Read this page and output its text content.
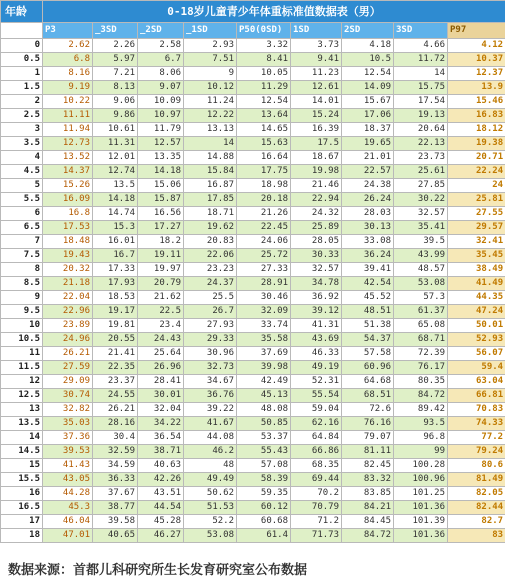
年龄	0-18岁儿童青少年体重标准值数据表（男）								
	P3	_3SD	_2SD	_1SD	P50(0SD)	1SD	2SD	3SD	P97
0	2.62	2.26	2.58	2.93	3.32	3.73	4.18	4.66	4.12
0.5	6.8	5.97	6.7	7.51	8.41	9.41	10.5	11.72	10.37
1	8.16	7.21	8.06	9	10.05	11.23	12.54	14	12.37
1.5	9.19	8.13	9.07	10.12	11.29	12.61	14.09	15.75	13.9
2	10.22	9.06	10.09	11.24	12.54	14.01	15.67	17.54	15.46
2.5	11.11	9.86	10.97	12.22	13.64	15.24	17.06	19.13	16.83
3	11.94	10.61	11.79	13.13	14.65	16.39	18.37	20.64	18.12
3.5	12.73	11.31	12.57	14	15.63	17.5	19.65	22.13	19.38
4	13.52	12.01	13.35	14.88	16.64	18.67	21.01	23.73	20.71
4.5	14.37	12.74	14.18	15.84	17.75	19.98	22.57	25.61	22.24
5	15.26	13.5	15.06	16.87	18.98	21.46	24.38	27.85	24
5.5	16.09	14.18	15.87	17.85	20.18	22.94	26.24	30.22	25.81
6	16.8	14.74	16.56	18.71	21.26	24.32	28.03	32.57	27.55
6.5	17.53	15.3	17.27	19.62	22.45	25.89	30.13	35.41	29.57
7	18.48	16.01	18.2	20.83	24.06	28.05	33.08	39.5	32.41
7.5	19.43	16.7	19.11	22.06	25.72	30.33	36.24	43.99	35.45
8	20.32	17.33	19.97	23.23	27.33	32.57	39.41	48.57	38.49
8.5	21.18	17.93	20.79	24.37	28.91	34.78	42.54	53.08	41.49
9	22.04	18.53	21.62	25.5	30.46	36.92	45.52	57.3	44.35
9.5	22.96	19.17	22.5	26.7	32.09	39.12	48.51	61.37	47.24
10	23.89	19.81	23.4	27.93	33.74	41.31	51.38	65.08	50.01
10.5	24.96	20.55	24.43	29.33	35.58	43.69	54.37	68.71	52.93
11	26.21	21.41	25.64	30.96	37.69	46.33	57.58	72.39	56.07
11.5	27.59	22.35	26.96	32.73	39.98	49.19	60.96	76.17	59.4
12	29.09	23.37	28.41	34.67	42.49	52.31	64.68	80.35	63.04
12.5	30.74	24.55	30.01	36.76	45.13	55.54	68.51	84.72	66.81
13	32.82	26.21	32.04	39.22	48.08	59.04	72.6	89.42	70.83
13.5	35.03	28.16	34.22	41.67	50.85	62.16	76.16	93.5	74.33
14	37.36	30.4	36.54	44.08	53.37	64.84	79.07	96.8	77.2
14.5	39.53	32.59	38.71	46.2	55.43	66.86	81.11	99	79.24
15	41.43	34.59	40.63	48	57.08	68.35	82.45	100.28	80.6
15.5	43.05	36.33	42.26	49.49	58.39	69.44	83.32	100.96	81.49
16	44.28	37.67	43.51	50.62	59.35	70.2	83.85	101.25	82.05
16.5	45.3	38.77	44.54	51.53	60.12	70.79	84.21	101.36	82.44
17	46.04	39.58	45.28	52.2	60.68	71.2	84.45	101.39	82.7
18	47.01	40.65	46.27	53.08	61.4	71.73	84.72	101.36	83
数据来源：首都儿科研究所生长发育研究室公布数据
